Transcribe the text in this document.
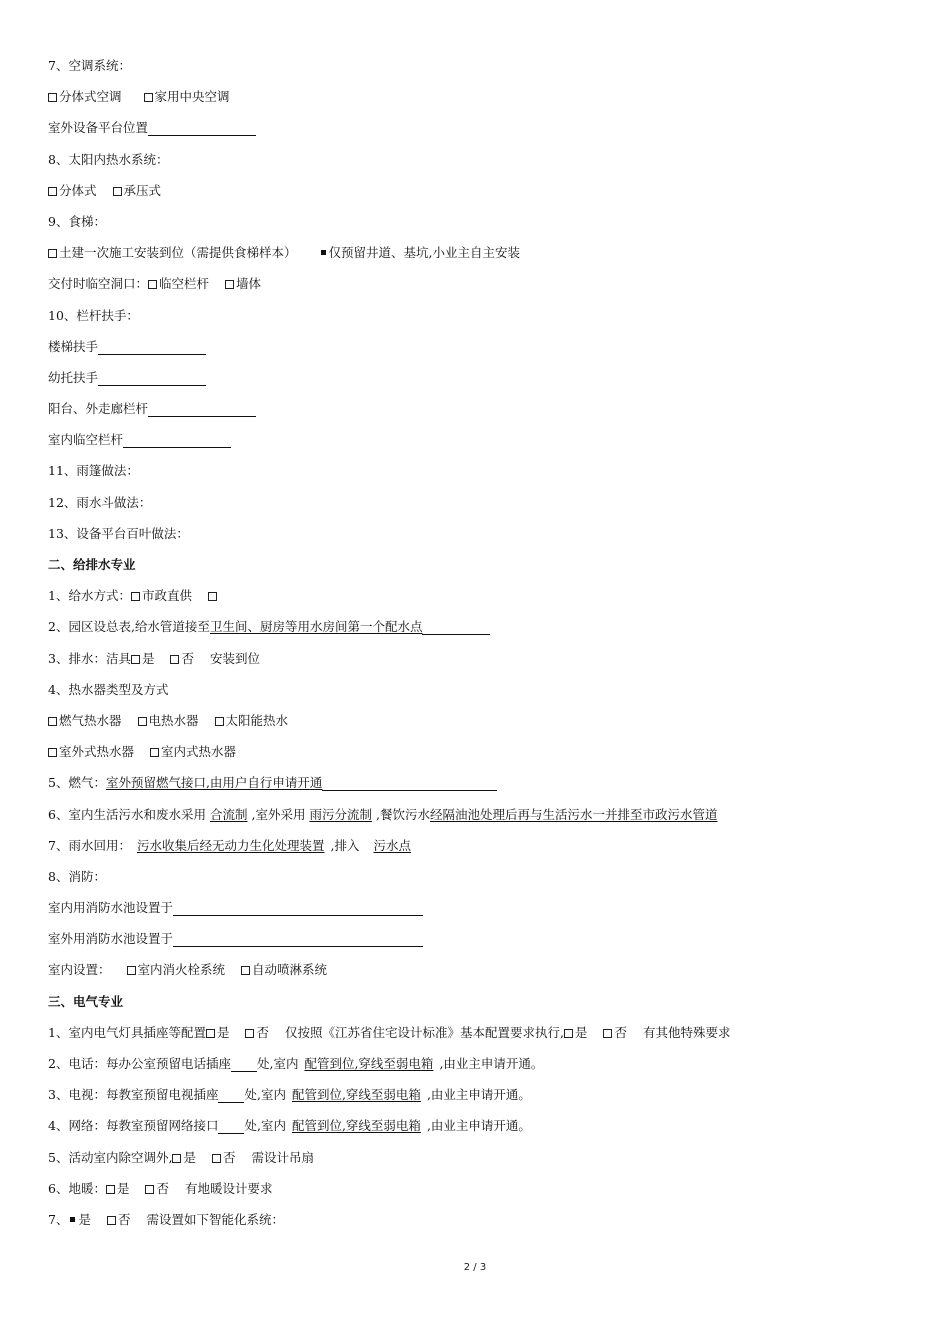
7、空调系统：
分体式空调	家用中央空调
室外设备平台位置
8、太阳内热水系统：
分体式 承压式
9、食梯：
土建一次施工安装到位（需提供食梯样本）	仅预留井道、基坑,小业主自主安装
交付时临空洞口： 临空栏杆 墙体
10、栏杆扶手：
楼梯扶手
幼托扶手
阳台、外走廊栏杆
室内临空栏杆
11、雨篷做法：
12、雨水斗做法：
13、设备平台百叶做法：
二、给排水专业
1、给水方式： 市政直供
2、园区设总表,给水管道接至卫生间、厨房等用水房间第一个配水点
3、排水：洁具 是 否 安装到位
4、热水器类型及方式
燃气热水器 电热水器 太阳能热水
室外式热水器 室内式热水器
5、燃气：室外预留燃气接口,由用户自行申请开通
6、室内生活污水和废水采用 合流制 ,室外采用 雨污分流制 ,餐饮污水经隔油池处理后再与生活污水一并排至市政污水管道
7、雨水回用： 污水收集后经无动力生化处理装置 ,排入 污水点
8、消防：
室内用消防水池设置于
室外用消防水池设置于
室内设置： 室内消火栓系统 自动喷淋系统
三、电气专业
1、室内电气灯具插座等配置 是 否 仅按照《江苏省住宅设计标准》基本配置要求执行, 是 否 有其他特殊要求
2、电话：每办公室预留电话插座 处,室内 配管到位,穿线至弱电箱 ,由业主申请开通。
3、电视：每教室预留电视插座 处,室内 配管到位,穿线至弱电箱 ,由业主申请开通。
4、网络：每教室预留网络接口 处,室内 配管到位,穿线至弱电箱 ,由业主申请开通。
5、活动室内除空调外, 是 否 需设计吊扇
6、地暖： 是 否 有地暖设计要求
7、 是 否 需设置如下智能化系统：
2 / 3
